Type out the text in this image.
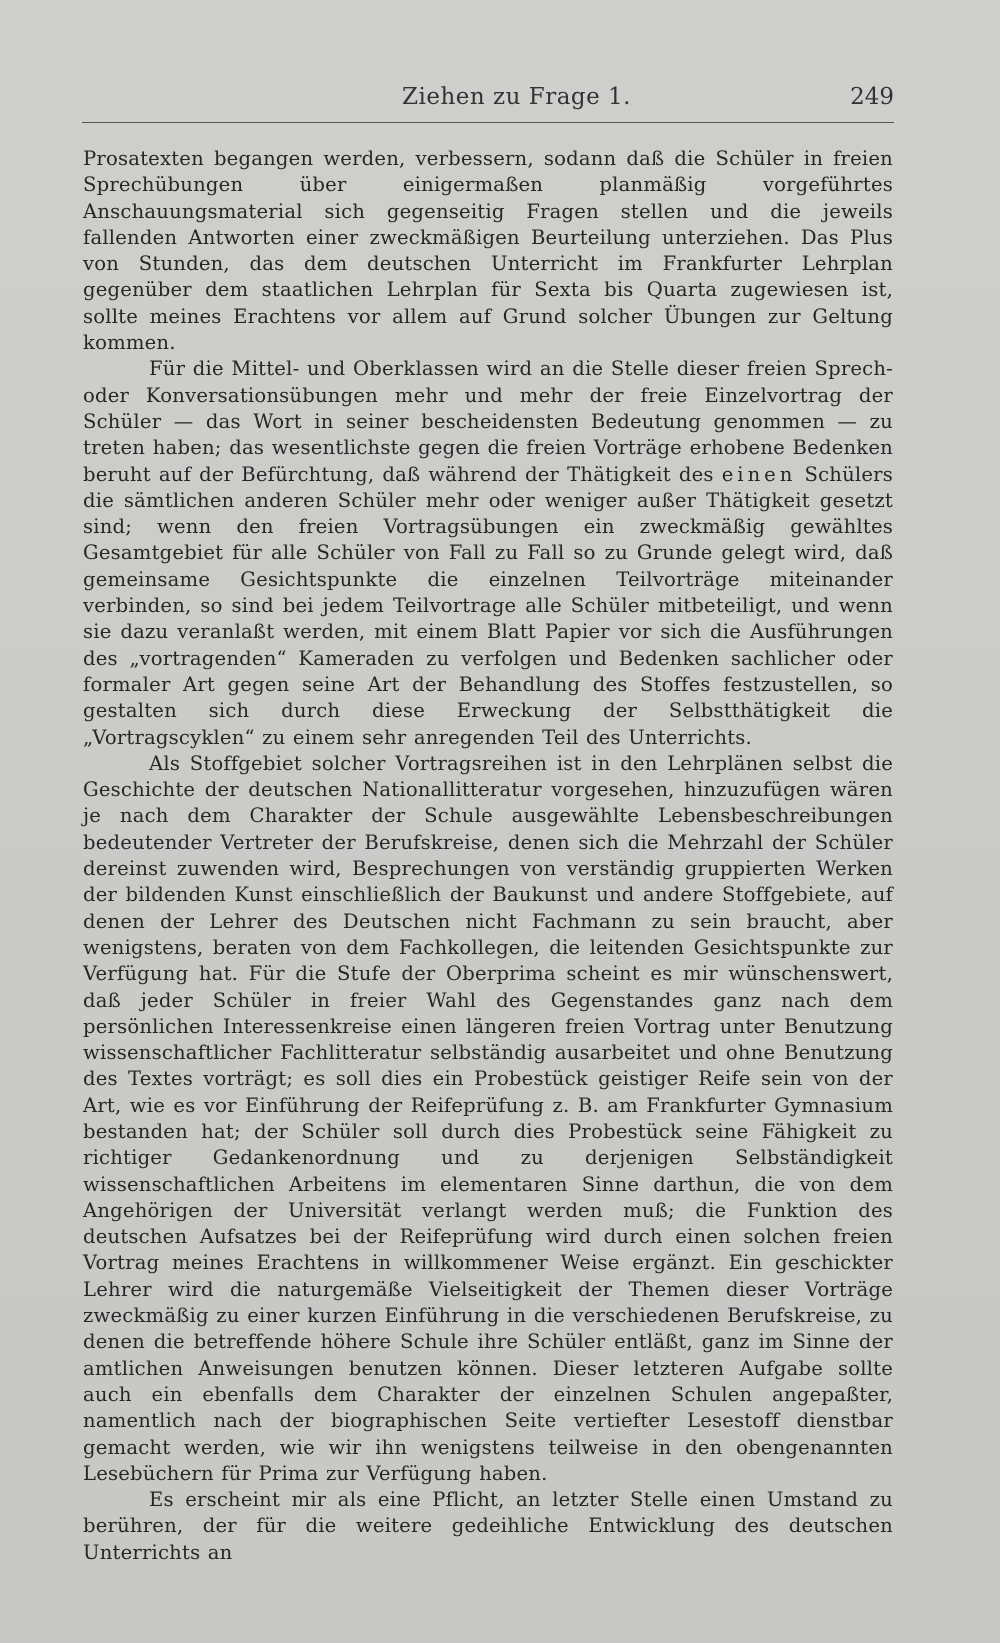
Ziehen zu Frage 1.	249

Prosatexten begangen werden, verbessern, sodann daß die Schüler in freien Sprechübungen über einigermaßen planmäßig vorgeführtes Anschauungsmaterial sich gegenseitig Fragen stellen und die jeweils fallenden Antworten einer zweckmäßigen Beurteilung unterziehen. Das Plus von Stunden, das dem deutschen Unterricht im Frankfurter Lehrplan gegenüber dem staatlichen Lehrplan für Sexta bis Quarta zugewiesen ist, sollte meines Erachtens vor allem auf Grund solcher Übungen zur Geltung kommen.

Für die Mittel- und Oberklassen wird an die Stelle dieser freien Sprech- oder Konversationsübungen mehr und mehr der freie Einzelvortrag der Schüler — das Wort in seiner bescheidensten Bedeutung genommen — zu treten haben; das wesentlichste gegen die freien Vorträge erhobene Bedenken beruht auf der Befürchtung, daß während der Thätigkeit des einen Schülers die sämtlichen anderen Schüler mehr oder weniger außer Thätigkeit gesetzt sind; wenn den freien Vortragsübungen ein zweckmäßig gewähltes Gesamtgebiet für alle Schüler von Fall zu Fall so zu Grunde gelegt wird, daß gemeinsame Gesichtspunkte die einzelnen Teilvorträge miteinander verbinden, so sind bei jedem Teilvortrage alle Schüler mitbeteiligt, und wenn sie dazu veranlaßt werden, mit einem Blatt Papier vor sich die Ausführungen des „vortragenden“ Kameraden zu verfolgen und Bedenken sachlicher oder formaler Art gegen seine Art der Behandlung des Stoffes festzustellen, so gestalten sich durch diese Erweckung der Selbstthätigkeit die „Vortragscyklen“ zu einem sehr anregenden Teil des Unterrichts.

Als Stoffgebiet solcher Vortragsreihen ist in den Lehrplänen selbst die Geschichte der deutschen Nationallitteratur vorgesehen, hinzuzufügen wären je nach dem Charakter der Schule ausgewählte Lebensbeschreibungen bedeutender Vertreter der Berufskreise, denen sich die Mehrzahl der Schüler dereinst zuwenden wird, Besprechungen von verständig gruppierten Werken der bildenden Kunst einschließlich der Baukunst und andere Stoffgebiete, auf denen der Lehrer des Deutschen nicht Fachmann zu sein braucht, aber wenigstens, beraten von dem Fachkollegen, die leitenden Gesichtspunkte zur Verfügung hat. Für die Stufe der Oberprima scheint es mir wünschenswert, daß jeder Schüler in freier Wahl des Gegenstandes ganz nach dem persönlichen Interessenkreise einen längeren freien Vortrag unter Benutzung wissenschaftlicher Fachlitteratur selbständig ausarbeitet und ohne Benutzung des Textes vorträgt; es soll dies ein Probestück geistiger Reife sein von der Art, wie es vor Einführung der Reifeprüfung z. B. am Frankfurter Gymnasium bestanden hat; der Schüler soll durch dies Probestück seine Fähigkeit zu richtiger Gedankenordnung und zu derjenigen Selbständigkeit wissenschaftlichen Arbeitens im elementaren Sinne darthun, die von dem Angehörigen der Universität verlangt werden muß; die Funktion des deutschen Aufsatzes bei der Reifeprüfung wird durch einen solchen freien Vortrag meines Erachtens in willkommener Weise ergänzt. Ein geschickter Lehrer wird die naturgemäße Vielseitigkeit der Themen dieser Vorträge zweckmäßig zu einer kurzen Einführung in die verschiedenen Berufskreise, zu denen die betreffende höhere Schule ihre Schüler entläßt, ganz im Sinne der amtlichen Anweisungen benutzen können. Dieser letzteren Aufgabe sollte auch ein ebenfalls dem Charakter der einzelnen Schulen angepaßter, namentlich nach der biographischen Seite vertiefter Lesestoff dienstbar gemacht werden, wie wir ihn wenigstens teilweise in den obengenannten Lesebüchern für Prima zur Verfügung haben.

Es erscheint mir als eine Pflicht, an letzter Stelle einen Umstand zu berühren, der für die weitere gedeihliche Entwicklung des deutschen Unterrichts an
